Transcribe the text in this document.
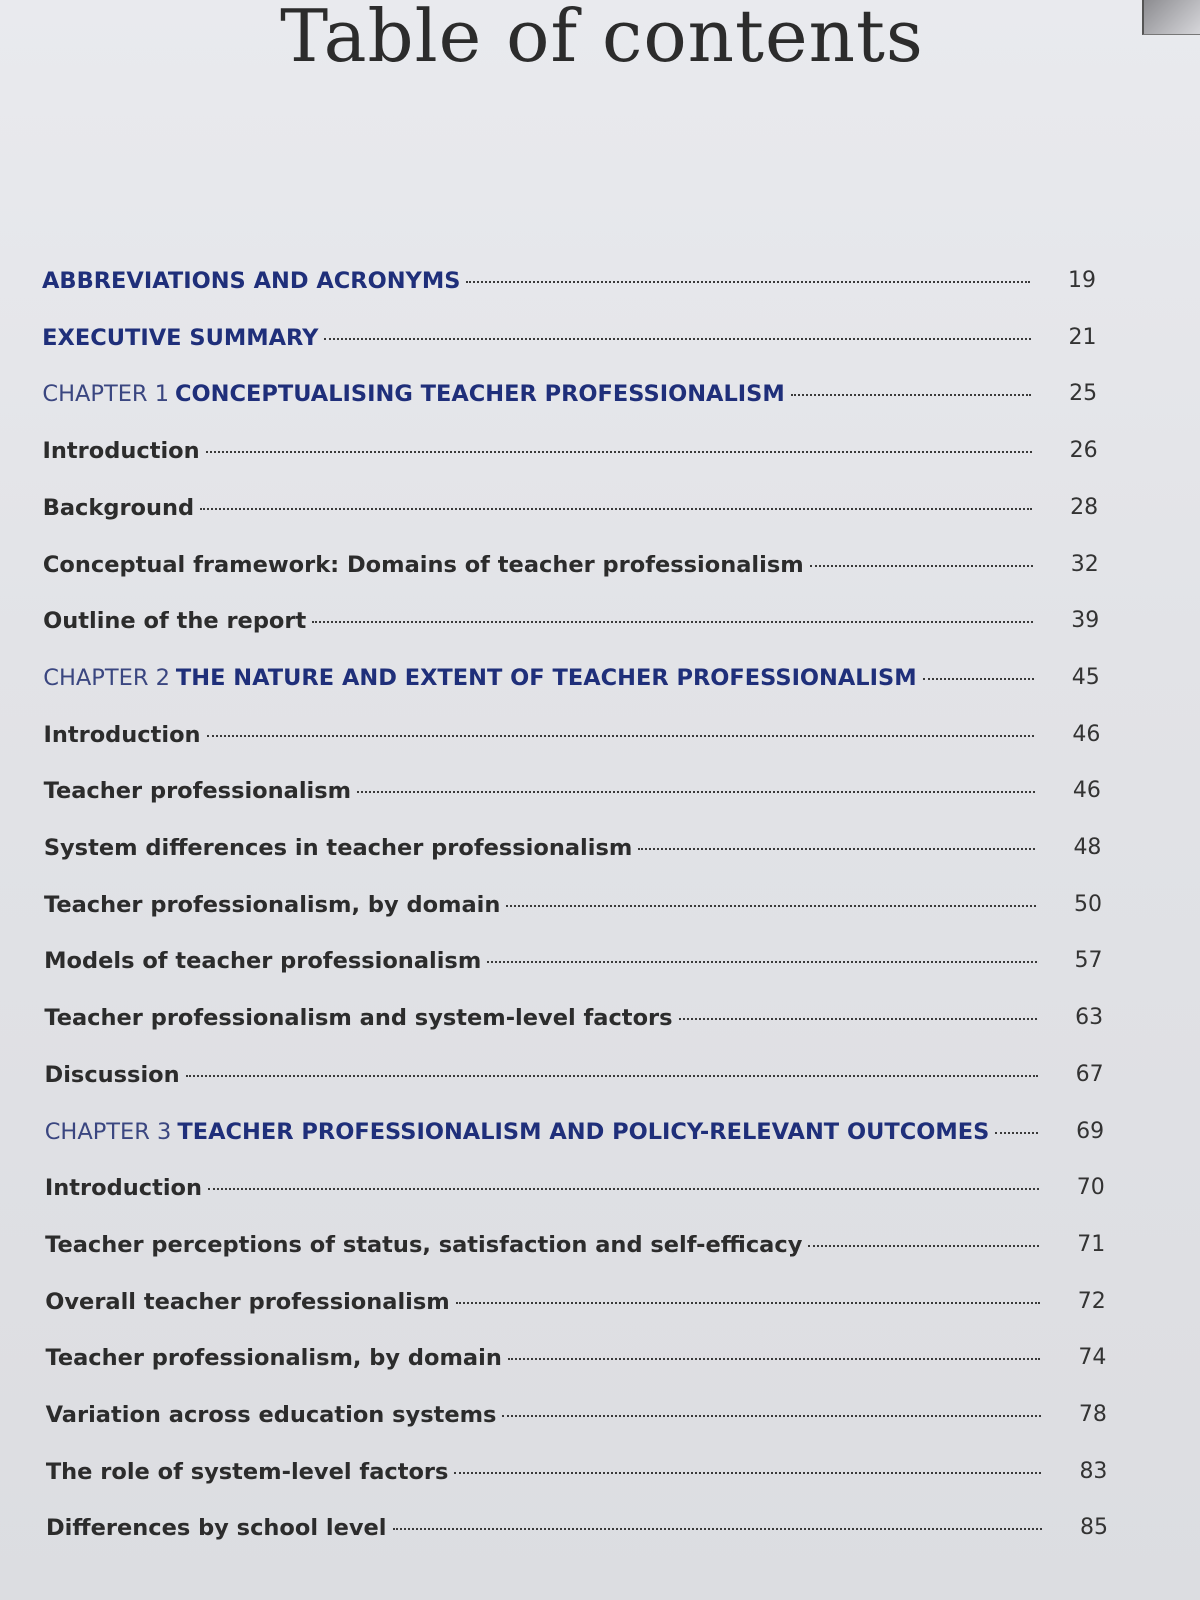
Table of contents
ABBREVIATIONS AND ACRONYMS	19
EXECUTIVE SUMMARY	21
CHAPTER 1 CONCEPTUALISING TEACHER PROFESSIONALISM	25
Introduction	26
Background	28
Conceptual framework: Domains of teacher professionalism	32
Outline of the report	39
CHAPTER 2 THE NATURE AND EXTENT OF TEACHER PROFESSIONALISM	45
Introduction	46
Teacher professionalism	46
System differences in teacher professionalism	48
Teacher professionalism, by domain	50
Models of teacher professionalism	57
Teacher professionalism and system-level factors	63
Discussion	67
CHAPTER 3 TEACHER PROFESSIONALISM AND POLICY-RELEVANT OUTCOMES	69
Introduction	70
Teacher perceptions of status, satisfaction and self-efficacy	71
Overall teacher professionalism	72
Teacher professionalism, by domain	74
Variation across education systems	78
The role of system-level factors	83
Differences by school level	85
